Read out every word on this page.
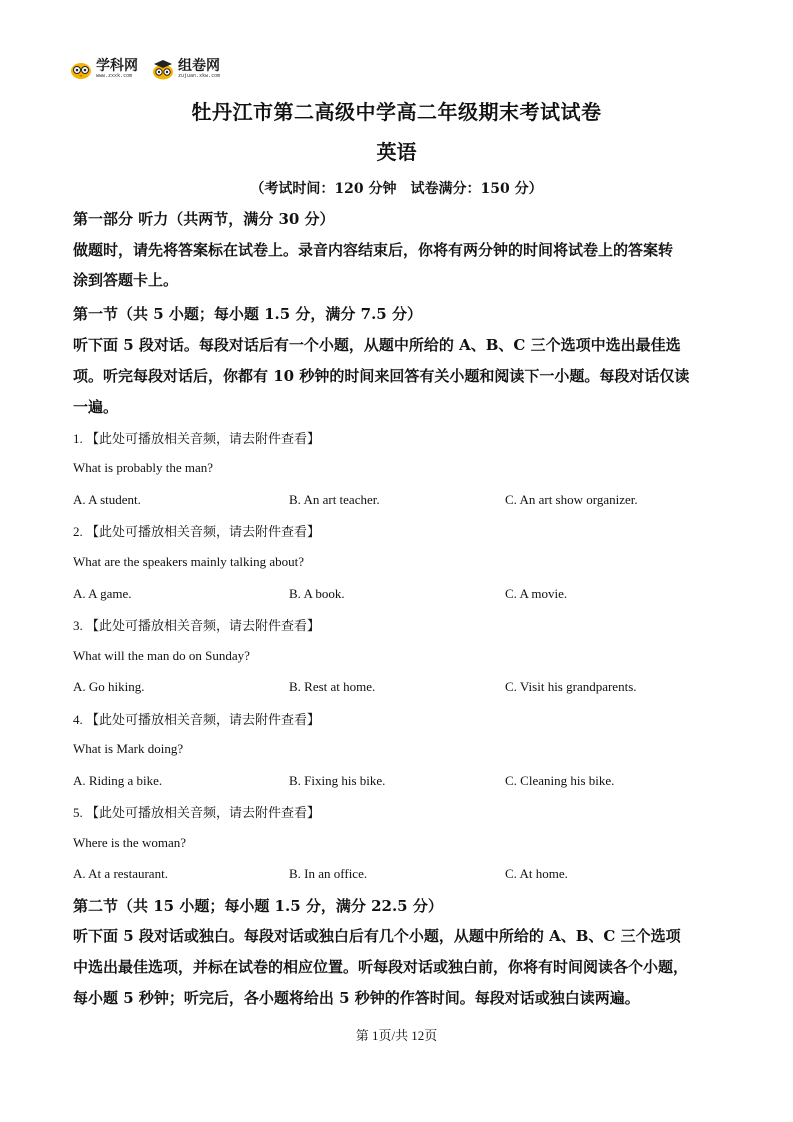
学科网
www.zxxk.com
组卷网
zujuan.xkw.com
牡丹江市第二高级中学高二年级期末考试试卷
英语
（考试时间：120 分钟　试卷满分：150 分）
第一部分 听力（共两节，满分 30 分）
做题时，请先将答案标在试卷上。录音内容结束后，你将有两分钟的时间将试卷上的答案转
涂到答题卡上。
第一节（共 5 小题；每小题 1.5 分，满分 7.5 分）
听下面 5 段对话。每段对话后有一个小题，从题中所给的 A、B、C 三个选项中选出最佳选
项。听完每段对话后，你都有 10 秒钟的时间来回答有关小题和阅读下一小题。每段对话仅读
一遍。
1. 【此处可播放相关音频，请去附件查看】
What is probably the man?
A. A student.	B. An art teacher.	C. An art show organizer.
2. 【此处可播放相关音频，请去附件查看】
What are the speakers mainly talking about?
A. A game.	B. A book.	C. A movie.
3. 【此处可播放相关音频，请去附件查看】
What will the man do on Sunday?
A. Go hiking.	B. Rest at home.	C. Visit his grandparents.
4. 【此处可播放相关音频，请去附件查看】
What is Mark doing?
A. Riding a bike.	B. Fixing his bike.	C. Cleaning his bike.
5. 【此处可播放相关音频，请去附件查看】
Where is the woman?
A. At a restaurant.	B. In an office.	C. At home.
第二节（共 15 小题；每小题 1.5 分，满分 22.5 分）
听下面 5 段对话或独白。每段对话或独白后有几个小题，从题中所给的 A、B、C 三个选项
中选出最佳选项，并标在试卷的相应位置。听每段对话或独白前，你将有时间阅读各个小题，
每小题 5 秒钟；听完后，各小题将给出 5 秒钟的作答时间。每段对话或独白读两遍。
第 1页/共 12页
